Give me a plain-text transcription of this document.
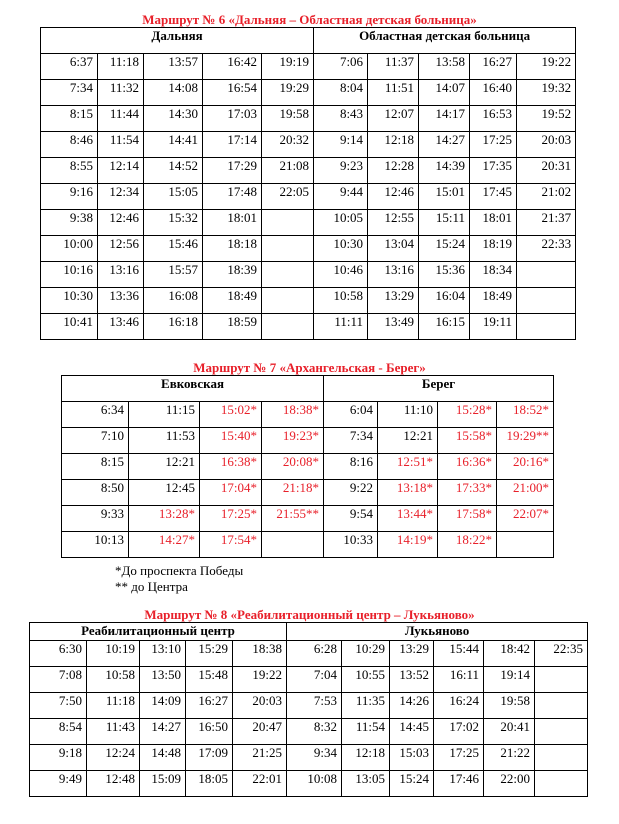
Маршрут № 6 «Дальняя – Областная детская больница»
Дальняя					Областная детская больница				
6:37	11:18	13:57	16:42	19:19	7:06	11:37	13:58	16:27	19:22
7:34	11:32	14:08	16:54	19:29	8:04	11:51	14:07	16:40	19:32
8:15	11:44	14:30	17:03	19:58	8:43	12:07	14:17	16:53	19:52
8:46	11:54	14:41	17:14	20:32	9:14	12:18	14:27	17:25	20:03
8:55	12:14	14:52	17:29	21:08	9:23	12:28	14:39	17:35	20:31
9:16	12:34	15:05	17:48	22:05	9:44	12:46	15:01	17:45	21:02
9:38	12:46	15:32	18:01		10:05	12:55	15:11	18:01	21:37
10:00	12:56	15:46	18:18		10:30	13:04	15:24	18:19	22:33
10:16	13:16	15:57	18:39		10:46	13:16	15:36	18:34	
10:30	13:36	16:08	18:49		10:58	13:29	16:04	18:49	
10:41	13:46	16:18	18:59		11:11	13:49	16:15	19:11	
Маршрут № 7 «Архангельская - Берег»
Евковская				Берег			
6:34	11:15	15:02*	18:38*	6:04	11:10	15:28*	18:52*
7:10	11:53	15:40*	19:23*	7:34	12:21	15:58*	19:29**
8:15	12:21	16:38*	20:08*	8:16	12:51*	16:36*	20:16*
8:50	12:45	17:04*	21:18*	9:22	13:18*	17:33*	21:00*
9:33	13:28*	17:25*	21:55**	9:54	13:44*	17:58*	22:07*
10:13	14:27*	17:54*		10:33	14:19*	18:22*	
*До проспекта Победы
** до Центра
Маршрут № 8 «Реабилитационный центр – Лукьяново»
Реабилитационный центр					Лукьяново					
6:30	10:19	13:10	15:29	18:38	6:28	10:29	13:29	15:44	18:42	22:35
7:08	10:58	13:50	15:48	19:22	7:04	10:55	13:52	16:11	19:14	
7:50	11:18	14:09	16:27	20:03	7:53	11:35	14:26	16:24	19:58	
8:54	11:43	14:27	16:50	20:47	8:32	11:54	14:45	17:02	20:41	
9:18	12:24	14:48	17:09	21:25	9:34	12:18	15:03	17:25	21:22	
9:49	12:48	15:09	18:05	22:01	10:08	13:05	15:24	17:46	22:00	
